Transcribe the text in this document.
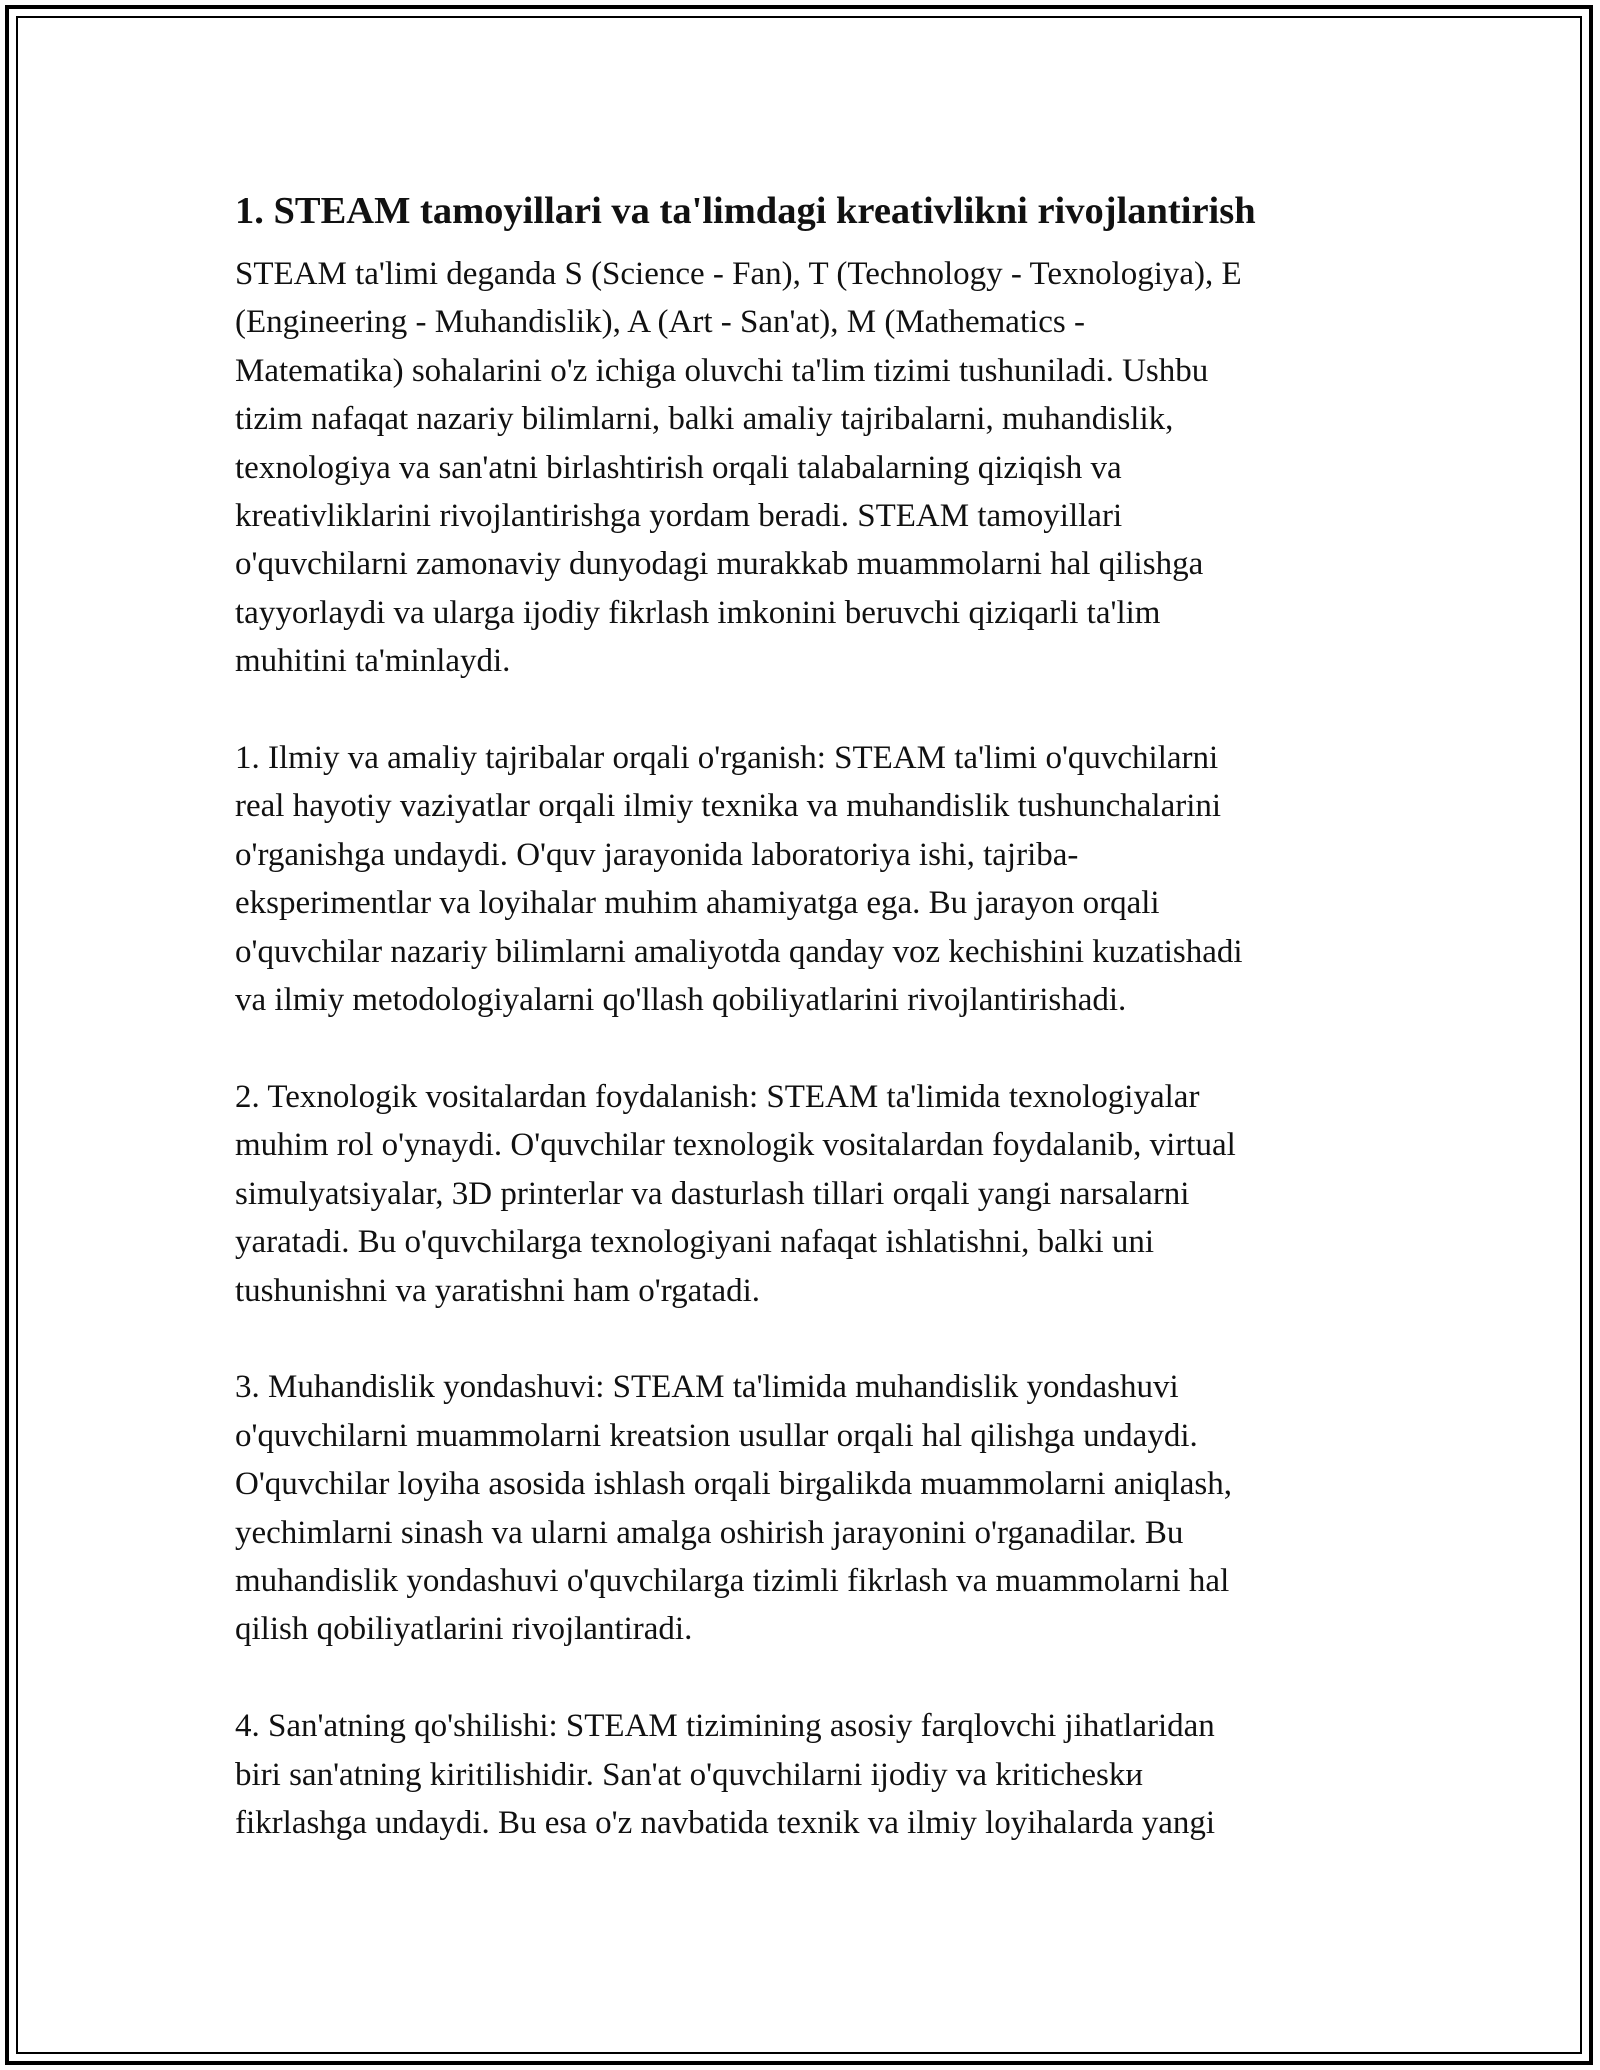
1. STEAM tamoyillari va ta'limdagi kreativlikni rivojlantirish
STEAM ta'limi deganda S (Science - Fan), T (Technology - Texnologiya), E
(Engineering - Muhandislik), A (Art - San'at), M (Mathematics -
Matematika) sohalarini o'z ichiga oluvchi ta'lim tizimi tushuniladi. Ushbu
tizim nafaqat nazariy bilimlarni, balki amaliy tajribalarni, muhandislik,
texnologiya va san'atni birlashtirish orqali talabalarning qiziqish va
kreativliklarini rivojlantirishga yordam beradi. STEAM tamoyillari
o'quvchilarni zamonaviy dunyodagi murakkab muammolarni hal qilishga
tayyorlaydi va ularga ijodiy fikrlash imkonini beruvchi qiziqarli ta'lim
muhitini ta'minlaydi.
1. Ilmiy va amaliy tajribalar orqali o'rganish: STEAM ta'limi o'quvchilarni
real hayotiy vaziyatlar orqali ilmiy texnika va muhandislik tushunchalarini
o'rganishga undaydi. O'quv jarayonida laboratoriya ishi, tajriba-
eksperimentlar va loyihalar muhim ahamiyatga ega. Bu jarayon orqali
o'quvchilar nazariy bilimlarni amaliyotda qanday voz kechishini kuzatishadi
va ilmiy metodologiyalarni qo'llash qobiliyatlarini rivojlantirishadi.
2. Texnologik vositalardan foydalanish: STEAM ta'limida texnologiyalar
muhim rol o'ynaydi. O'quvchilar texnologik vositalardan foydalanib, virtual
simulyatsiyalar, 3D printerlar va dasturlash tillari orqali yangi narsalarni
yaratadi. Bu o'quvchilarga texnologiyani nafaqat ishlatishni, balki uni
tushunishni va yaratishni ham o'rgatadi.
3. Muhandislik yondashuvi: STEAM ta'limida muhandislik yondashuvi
o'quvchilarni muammolarni kreatsion usullar orqali hal qilishga undaydi.
O'quvchilar loyiha asosida ishlash orqali birgalikda muammolarni aniqlash,
yechimlarni sinash va ularni amalga oshirish jarayonini o'rganadilar. Bu
muhandislik yondashuvi o'quvchilarga tizimli fikrlash va muammolarni hal
qilish qobiliyatlarini rivojlantiradi.
4. San'atning qo'shilishi: STEAM tizimining asosiy farqlovchi jihatlaridan
biri san'atning kiritilishidir. San'at o'quvchilarni ijodiy va kriticheskи
fikrlashga undaydi. Bu esa o'z navbatida texnik va ilmiy loyihalarda yangi
